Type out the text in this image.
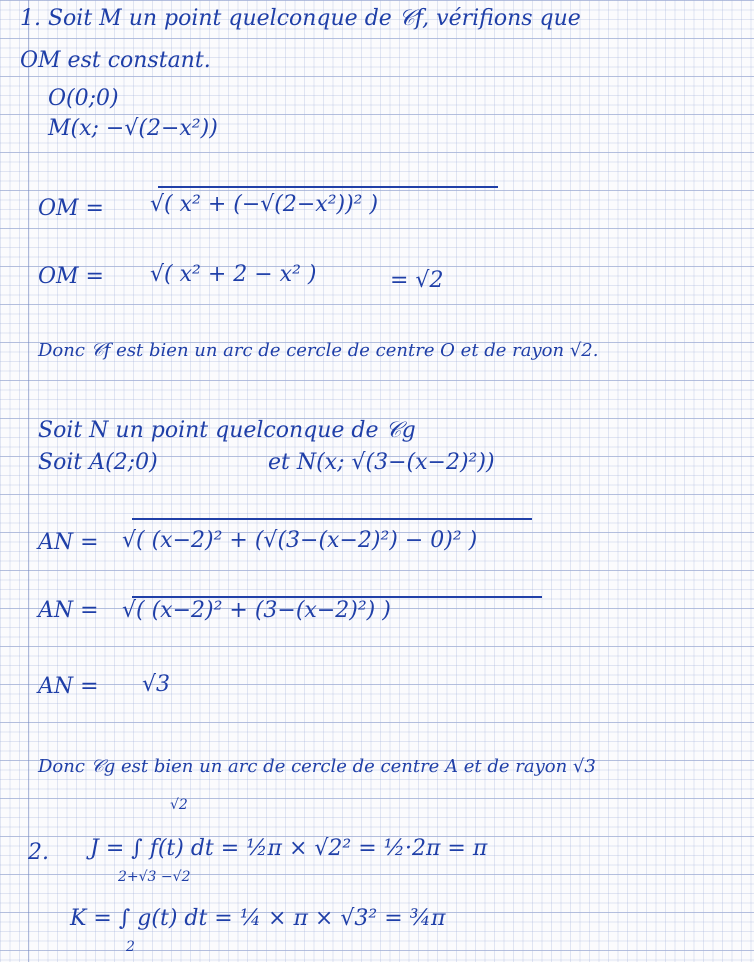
1. Soit M un point quelconque de 𝒞f, vérifions que
OM est constant.
O(0;0)
M(x; −√(2−x²))
OM = √( x² + (−√(2−x²))² )
OM = √( x² + 2 − x² )	= √2
Donc 𝒞f est bien un arc de cercle de centre O et de rayon √2.
Soit N un point quelconque de 𝒞g
Soit A(2;0)	et N(x; √(3−(x−2)²))
AN = √( (x−2)² + (√(3−(x−2)²) − 0)² )
AN = √( (x−2)² + (3−(x−2)²) )
AN = √3
Donc 𝒞g est bien un arc de cercle de centre A et de rayon √3
√2
2. J = ∫ f(t) dt = ½π × √2² = ½·2π = π
2+√3 −√2
K = ∫ g(t) dt = ¼ × π × √3² = ¾π
2
